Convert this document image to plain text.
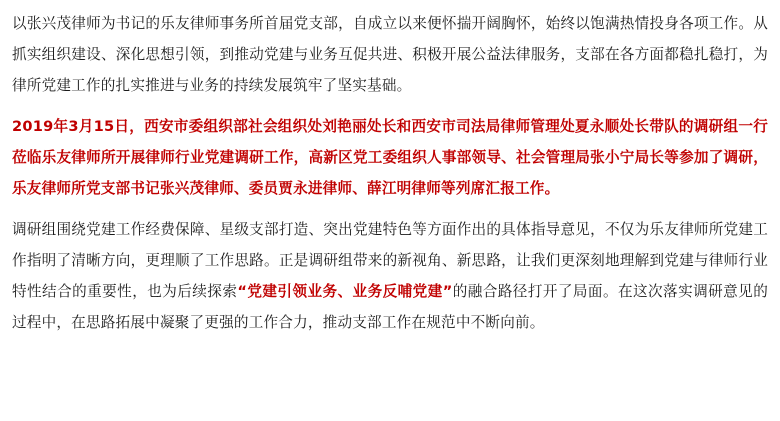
以张兴茂律师为书记的乐友律师事务所首届党支部，自成立以来便怀揣开阔胸怀，始终以饱满热情投身各项工作。从抓实组织建设、深化思想引领，到推动党建与业务互促共进、积极开展公益法律服务，支部在各方面都稳扎稳打，为律所党建工作的扎实推进与业务的持续发展筑牢了坚实基础。

2019年3月15日，西安市委组织部社会组织处刘艳丽处长和西安市司法局律师管理处夏永顺处长带队的调研组一行莅临乐友律师所开展律师行业党建调研工作，高新区党工委组织人事部领导、社会管理局张小宁局长等参加了调研，乐友律师所党支部书记张兴茂律师、委员贾永进律师、薛江明律师等列席汇报工作。

调研组围绕党建工作经费保障、星级支部打造、突出党建特色等方面作出的具体指导意见，不仅为乐友律师所党建工作指明了清晰方向，更理顺了工作思路。正是调研组带来的新视角、新思路，让我们更深刻地理解到党建与律师行业特性结合的重要性，也为后续探索“党建引领业务、业务反哺党建”的融合路径打开了局面。在这次落实调研意见的过程中，在思路拓展中凝聚了更强的工作合力，推动支部工作在规范中不断向前。
